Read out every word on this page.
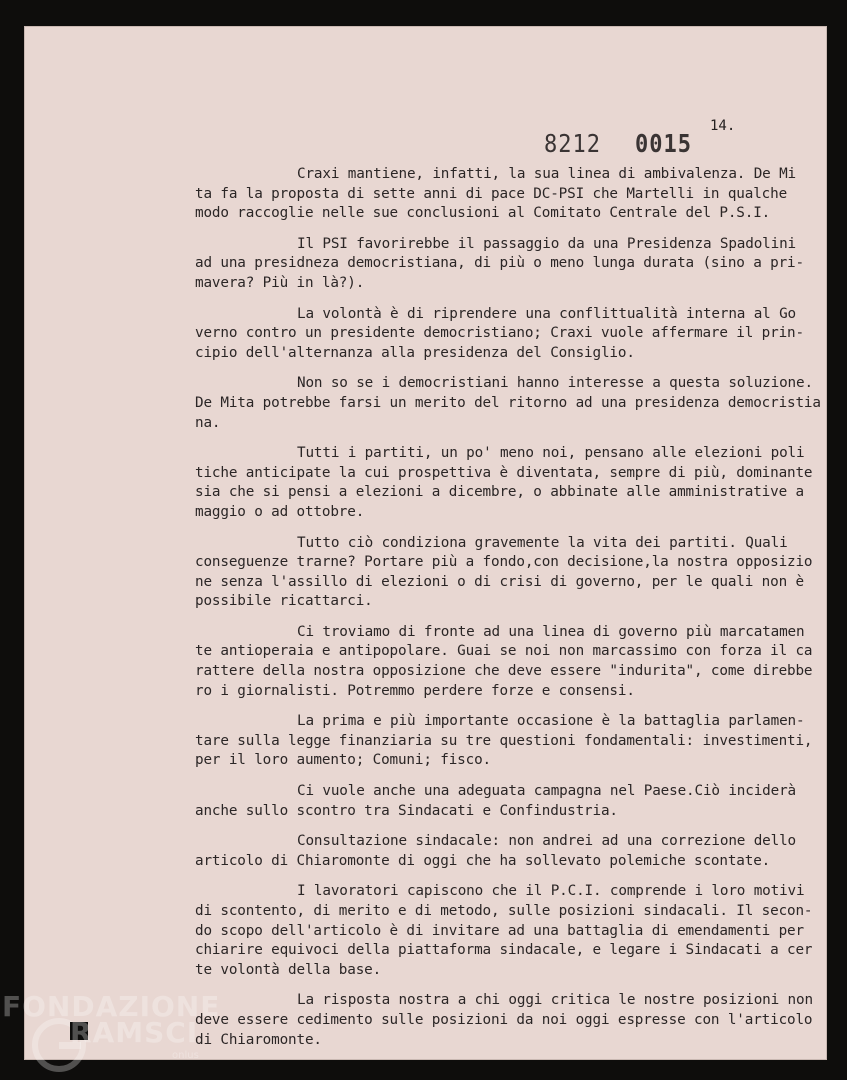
14.
8212 0015
Craxi mantiene, infatti, la sua linea di ambivalenza. De Mi
ta fa la proposta di sette anni di pace DC-PSI che Martelli in qualche
modo raccoglie nelle sue conclusioni al Comitato Centrale del P.S.I.
Il PSI favorirebbe il passaggio da una Presidenza Spadolini
ad una presidneza democristiana, di più o meno lunga durata (sino a pri-
mavera? Più in là?).
La volontà è di riprendere una conflittualità interna al Go
verno contro un presidente democristiano; Craxi vuole affermare il prin-
cipio dell'alternanza alla presidenza del Consiglio.
Non so se i democristiani hanno interesse a questa soluzione.
De Mita potrebbe farsi un merito del ritorno ad una presidenza democristia
na.
Tutti i partiti, un po' meno noi, pensano alle elezioni poli
tiche anticipate la cui prospettiva è diventata, sempre di più, dominante
sia che si pensi a elezioni a dicembre, o abbinate alle amministrative a
maggio o ad ottobre.
Tutto ciò condiziona gravemente la vita dei partiti. Quali
conseguenze trarne? Portare più a fondo,con decisione,la nostra opposizio
ne senza l'assillo di elezioni o di crisi di governo, per le quali non è
possibile ricattarci.
Ci troviamo di fronte ad una linea di governo più marcatamen
te antioperaia e antipopolare. Guai se noi non marcassimo con forza il ca
rattere della nostra opposizione che deve essere "indurita", come direbbe
ro i giornalisti. Potremmo perdere forze e consensi.
La prima e più importante occasione è la battaglia parlamen-
tare sulla legge finanziaria su tre questioni fondamentali: investimenti,
per il loro aumento; Comuni; fisco.
Ci vuole anche una adeguata campagna nel Paese.Ciò inciderà
anche sullo scontro tra Sindacati e Confindustria.
Consultazione sindacale: non andrei ad una correzione dello
articolo di Chiaromonte di oggi che ha sollevato polemiche scontate.
I lavoratori capiscono che il P.C.I. comprende i loro motivi
di scontento, di merito e di metodo, sulle posizioni sindacali. Il secon-
do scopo dell'articolo è di invitare ad una battaglia di emendamenti per
chiarire equivoci della piattaforma sindacale, e legare i Sindacati a cer
te volontà della base.
La risposta nostra a chi oggi critica le nostre posizioni non
deve essere cedimento sulle posizioni da noi oggi espresse con l'articolo
di Chiaromonte.
FONDAZIONE
RAMSCI
onlus
